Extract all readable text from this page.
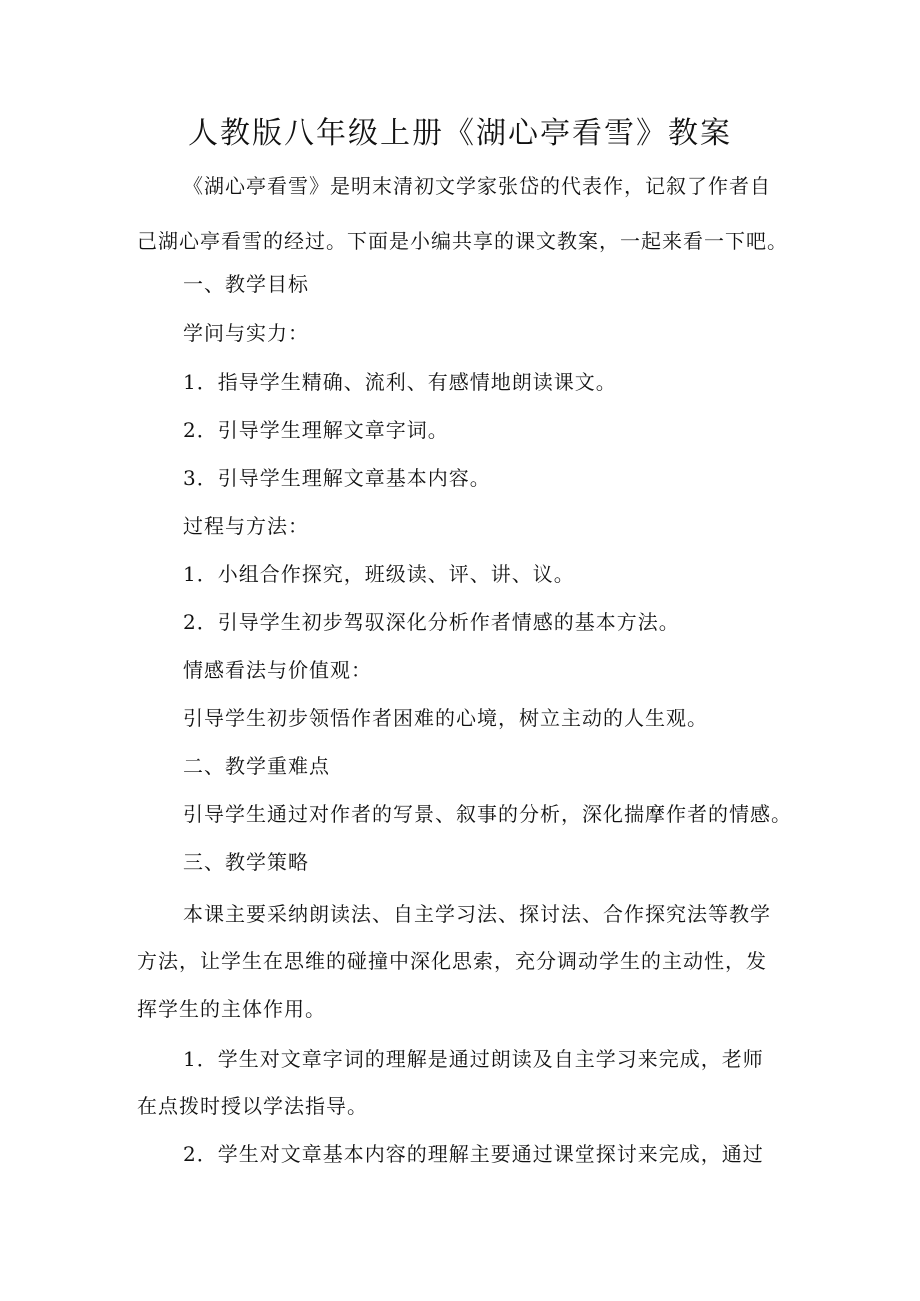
人教版八年级上册《湖心亭看雪》教案
《湖心亭看雪》是明末清初文学家张岱的代表作，记叙了作者自
己湖心亭看雪的经过。下面是小编共享的课文教案，一起来看一下吧。
一、教学目标
学问与实力：
1．指导学生精确、流利、有感情地朗读课文。
2．引导学生理解文章字词。
3．引导学生理解文章基本内容。
过程与方法：
1．小组合作探究，班级读、评、讲、议。
2．引导学生初步驾驭深化分析作者情感的基本方法。
情感看法与价值观：
引导学生初步领悟作者困难的心境，树立主动的人生观。
二、教学重难点
引导学生通过对作者的写景、叙事的分析，深化揣摩作者的情感。
三、教学策略
本课主要采纳朗读法、自主学习法、探讨法、合作探究法等教学
方法，让学生在思维的碰撞中深化思索，充分调动学生的主动性，发
挥学生的主体作用。
1．学生对文章字词的理解是通过朗读及自主学习来完成，老师
在点拨时授以学法指导。
2．学生对文章基本内容的理解主要通过课堂探讨来完成，通过
